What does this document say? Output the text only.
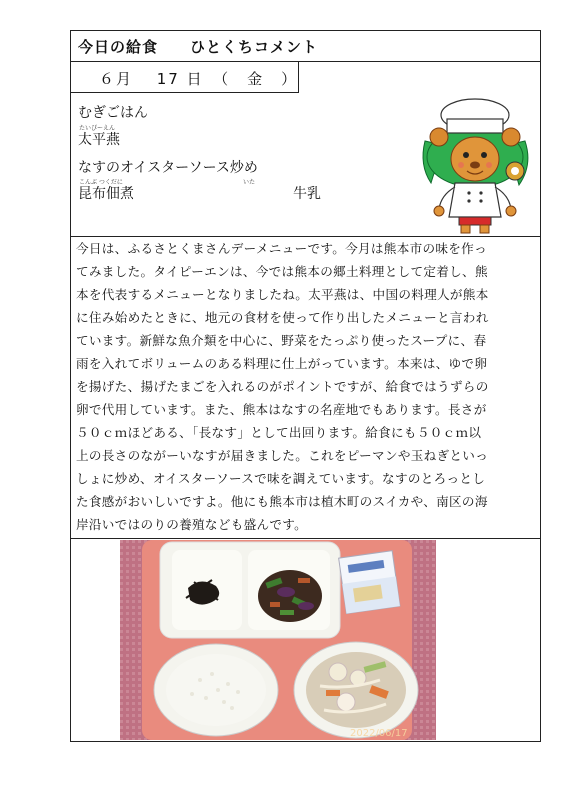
今日の給食　　ひとくちコメント
６月　 17 日　（　金　）
むぎごはん
たいぴーえん
太平燕
いた
なすのオイスターソース炒め
こんぶ つくだに
昆布佃煮	牛乳
今日は、ふるさとくまさんデーメニューです。今月は熊本市の味を作っ
てみました。タイピーエンは、今では熊本の郷土料理として定着し、熊
本を代表するメニューとなりましたね。太平燕は、中国の料理人が熊本
に住み始めたときに、地元の食材を使って作り出したメニューと言われ
ています。新鮮な魚介類を中心に、野菜をたっぷり使ったスープに、春
雨を入れてボリュームのある料理に仕上がっています。本来は、ゆで卵
を揚げた、揚げたまごを入れるのがポイントですが、給食ではうずらの
卵で代用しています。また、熊本はなすの名産地でもあります。長さが
５０ｃｍほどある、「長なす」として出回ります。給食にも５０ｃｍ以
上の長さのながーいなすが届きました。これをピーマンや玉ねぎといっ
しょに炒め、オイスターソースで味を調えています。なすのとろっとし
た食感がおいしいですよ。他にも熊本市は植木町のスイカや、南区の海
岸沿いではのりの養殖なども盛んです。
2022/06/17
